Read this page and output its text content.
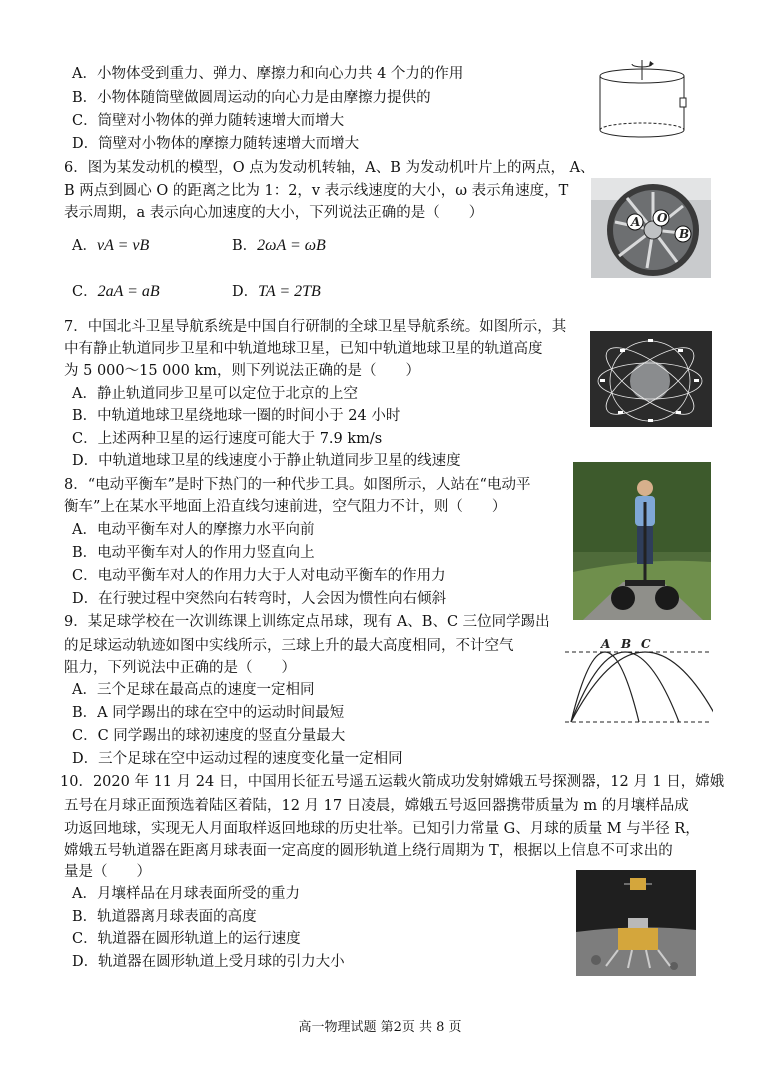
A．小物体受到重力、弹力、摩擦力和向心力共 4 个力的作用
B．小物体随筒壁做圆周运动的向心力是由摩擦力提供的
C．筒壁对小物体的弹力随转速增大而增大
D．筒壁对小物体的摩擦力随转速增大而增大
6．图为某发动机的模型，O 点为发动机转轴，A、B 为发动机叶片上的两点， A、
B 两点到圆心 O 的距离之比为 1：2，v 表示线速度的大小，ω 表示角速度，T
表示周期，a 表示向心加速度的大小，下列说法正确的是（　　）
A．vA = vB	B．2ωA = ωB
C．2aA = aB	D．TA = 2TB
A O
B
7．中国北斗卫星导航系统是中国自行研制的全球卫星导航系统。如图所示，其
中有静止轨道同步卫星和中轨道地球卫星，已知中轨道地球卫星的轨道高度
为 5 000～15 000 km，则下列说法正确的是（　　）
A．静止轨道同步卫星可以定位于北京的上空
B．中轨道地球卫星绕地球一圈的时间小于 24 小时
C．上述两种卫星的运行速度可能大于 7.9 km/s
D．中轨道地球卫星的线速度小于静止轨道同步卫星的线速度
8．“电动平衡车”是时下热门的一种代步工具。如图所示，人站在“电动平
衡车”上在某水平地面上沿直线匀速前进，空气阻力不计，则（　　）
A．电动平衡车对人的摩擦力水平向前
B．电动平衡车对人的作用力竖直向上
C．电动平衡车对人的作用力大于人对电动平衡车的作用力
D．在行驶过程中突然向右转弯时，人会因为惯性向右倾斜
9．某足球学校在一次训练课上训练定点吊球，现有 A、B、C 三位同学踢出
的足球运动轨迹如图中实线所示，三球上升的最大高度相同，不计空气
阻力，下列说法中正确的是（　　）
A．三个足球在最高点的速度一定相同
B．A 同学踢出的球在空中的运动时间最短
C．C 同学踢出的球初速度的竖直分量最大
D．三个足球在空中运动过程的速度变化量一定相同
A B C
10．2020 年 11 月 24 日，中国用长征五号遥五运载火箭成功发射嫦娥五号探测器，12 月 1 日，嫦娥
五号在月球正面预选着陆区着陆，12 月 17 日凌晨，嫦娥五号返回器携带质量为 m 的月壤样品成
功返回地球，实现无人月面取样返回地球的历史壮举。已知引力常量 G、月球的质量 M 与半径 R，
嫦娥五号轨道器在距离月球表面一定高度的圆形轨道上绕行周期为 T，根据以上信息不可求出的
量是（　　）
A．月壤样品在月球表面所受的重力
B．轨道器离月球表面的高度
C．轨道器在圆形轨道上的运行速度
D．轨道器在圆形轨道上受月球的引力大小
高一物理试题 第2页 共 8 页
